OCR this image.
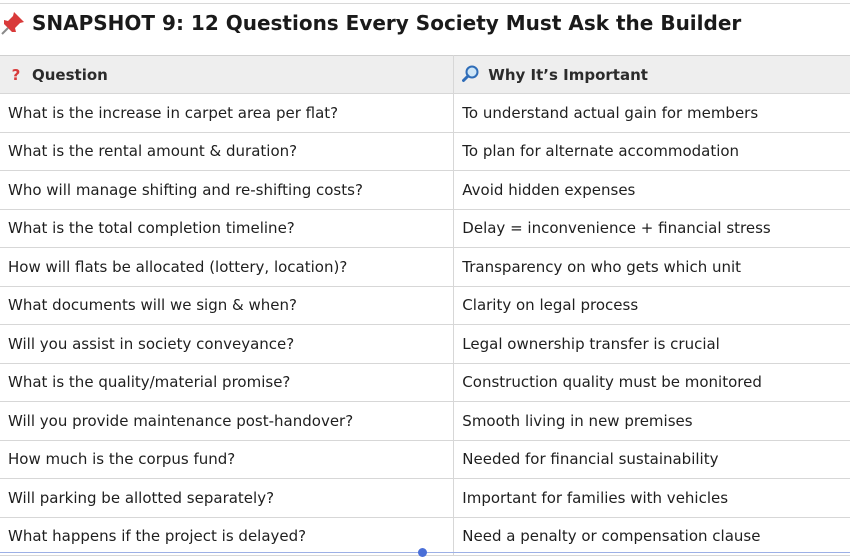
SNAPSHOT 9: 12 Questions Every Society Must Ask the Builder
? Question	Why It’s Important
What is the increase in carpet area per flat?	To understand actual gain for members
What is the rental amount & duration?	To plan for alternate accommodation
Who will manage shifting and re-shifting costs?	Avoid hidden expenses
What is the total completion timeline?	Delay = inconvenience + financial stress
How will flats be allocated (lottery, location)?	Transparency on who gets which unit
What documents will we sign & when?	Clarity on legal process
Will you assist in society conveyance?	Legal ownership transfer is crucial
What is the quality/material promise?	Construction quality must be monitored
Will you provide maintenance post-handover?	Smooth living in new premises
How much is the corpus fund?	Needed for financial sustainability
Will parking be allotted separately?	Important for families with vehicles
What happens if the project is delayed?	Need a penalty or compensation clause
